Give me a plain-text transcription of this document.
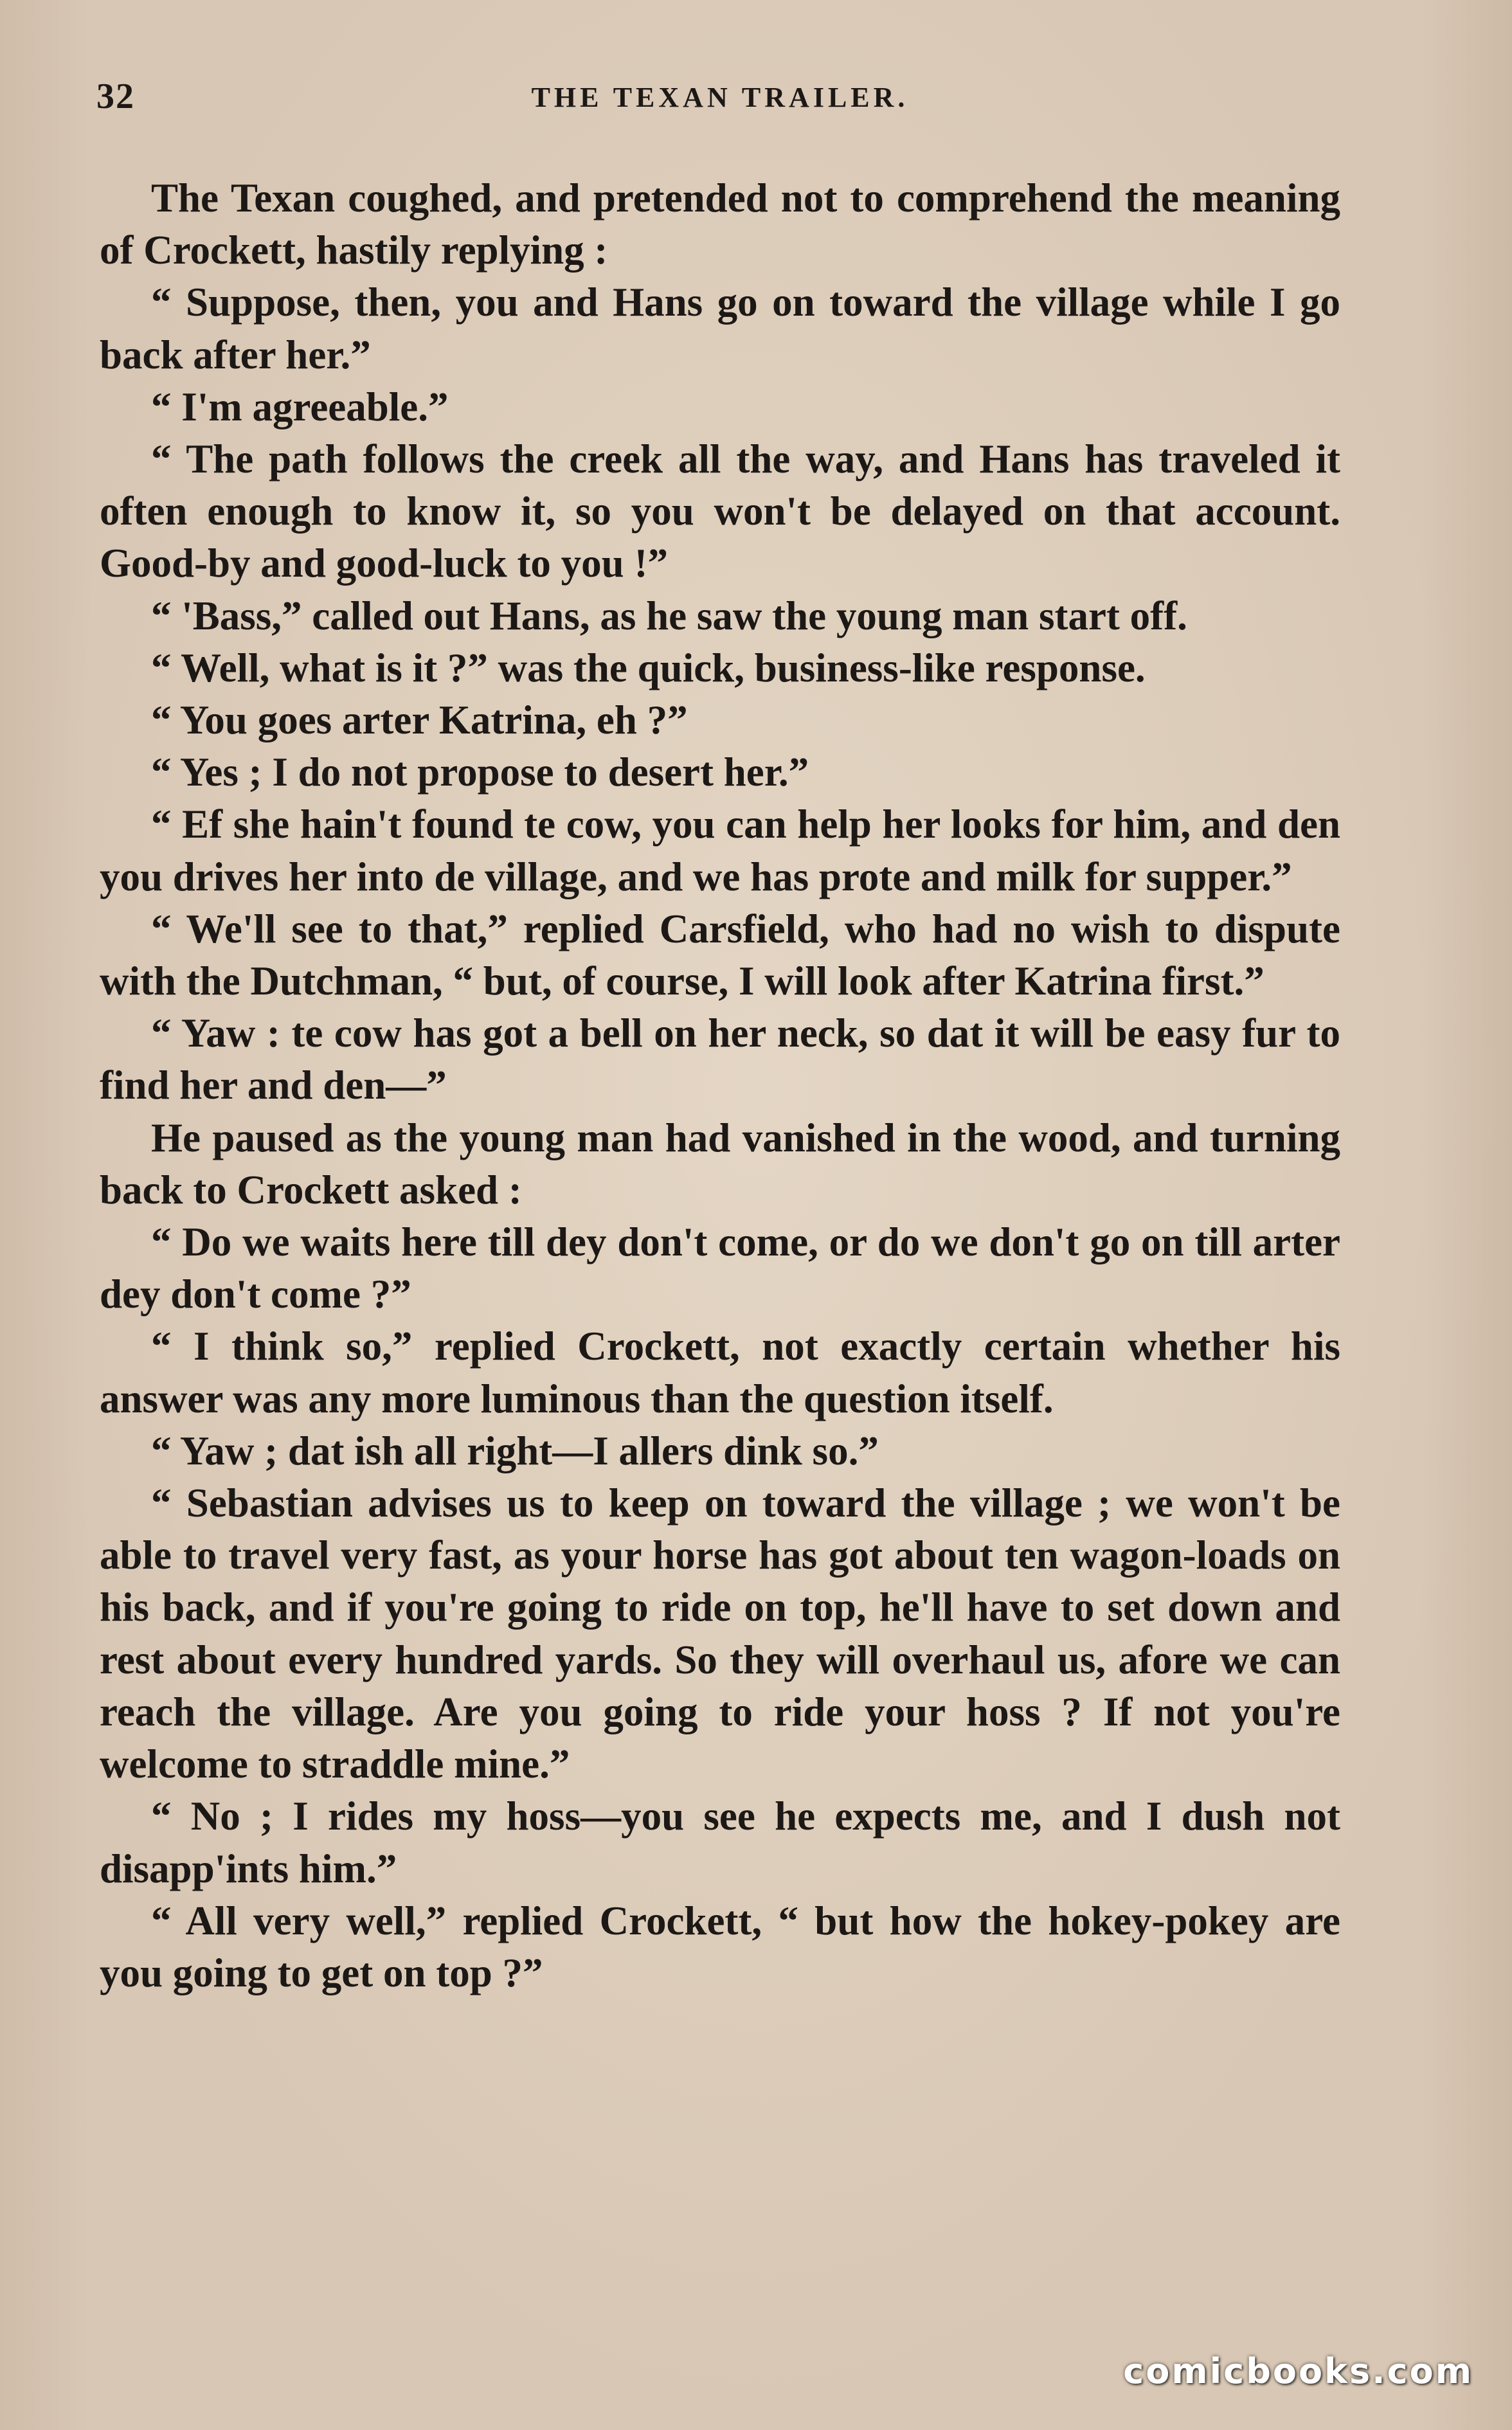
32	THE TEXAN TRAILER.

The Texan coughed, and pretended not to comprehend the meaning of Crockett, hastily replying :

“ Suppose, then, you and Hans go on toward the village while I go back after her.”

“ I'm agreeable.”

“ The path follows the creek all the way, and Hans has traveled it often enough to know it, so you won't be delayed on that account. Good-by and good-luck to you !”

“ 'Bass,” called out Hans, as he saw the young man start off.

“ Well, what is it ?” was the quick, business-like response.

“ You goes arter Katrina, eh ?”

“ Yes ; I do not propose to desert her.”

“ Ef she hain't found te cow, you can help her looks for him, and den you drives her into de village, and we has prote and milk for supper.”

“ We'll see to that,” replied Carsfield, who had no wish to dispute with the Dutchman, “ but, of course, I will look after Katrina first.”

“ Yaw : te cow has got a bell on her neck, so dat it will be easy fur to find her and den—”

He paused as the young man had vanished in the wood, and turning back to Crockett asked :

“ Do we waits here till dey don't come, or do we don't go on till arter dey don't come ?”

“ I think so,” replied Crockett, not exactly certain whether his answer was any more luminous than the question itself.

“ Yaw ; dat ish all right—I allers dink so.”

“ Sebastian advises us to keep on toward the village ; we won't be able to travel very fast, as your horse has got about ten wagon-loads on his back, and if you're going to ride on top, he'll have to set down and rest about every hundred yards. So they will overhaul us, afore we can reach the village. Are you going to ride your hoss ? If not you're welcome to straddle mine.”

“ No ; I rides my hoss—you see he expects me, and I dush not disapp'ints him.”

“ All very well,” replied Crockett, “ but how the hokey-pokey are you going to get on top ?”

comicbooks.com
